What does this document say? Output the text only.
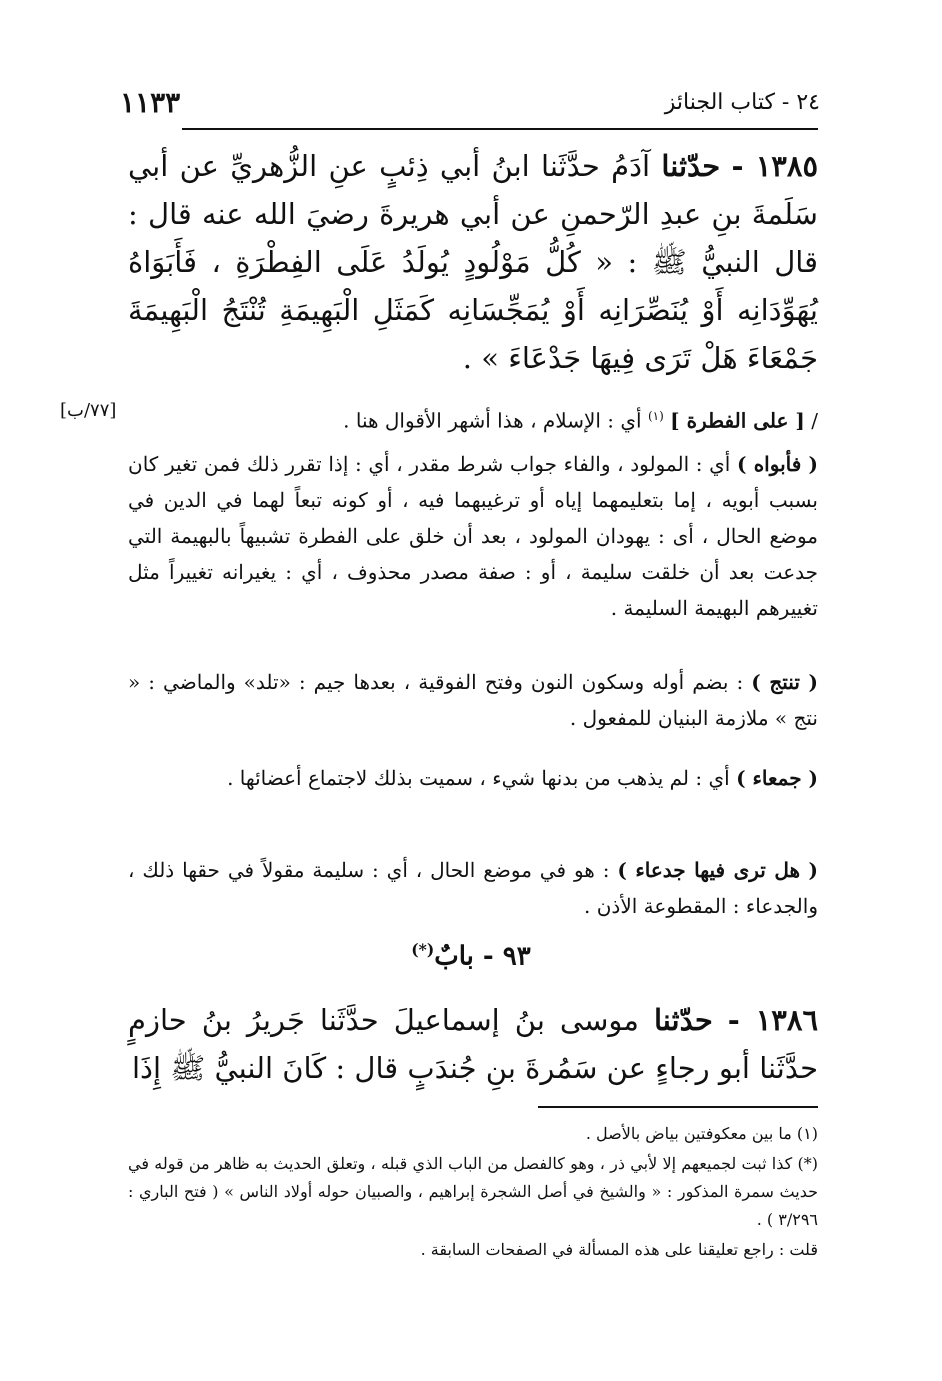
٢٤ - كتاب الجنائز
١١٣٣
١٣٨٥ - حدّثنا آدَمُ حدَّثَنا ابنُ أبي ذِئبٍ عنِ الزُّهريِّ عن أبي سَلَمةَ بنِ عبدِ الرّحمنِ عن أبي هريرةَ رضيَ الله عنه قال : قال النبيُّ ﷺ : « كُلُّ مَوْلُودٍ يُولَدُ عَلَى الفِطْرَةِ ، فَأَبَوَاهُ يُهَوِّدَانِه أَوْ يُنَصِّرَانِه أَوْ يُمَجِّسَانِه كَمَثَلِ الْبَهِيمَةِ تُنْتَجُ الْبَهِيمَةَ جَمْعَاءَ هَلْ تَرَى فِيهَا جَدْعَاءَ » .
/ [ على الفطرة ] $^{(١)}$ أي : الإسلام ، هذا أشهر الأقوال هنا .
[٧٧/ب]
( فأبواه ) أي : المولود ، والفاء جواب شرط مقدر ، أي : إذا تقرر ذلك فمن تغير كان بسبب أبويه ، إما بتعليمهما إياه أو ترغيبهما فيه ، أو كونه تبعاً لهما في الدين في موضع الحال ، أى : يهودان المولود ، بعد أن خلق على الفطرة تشبيهاً بالبهيمة التي جدعت بعد أن خلقت سليمة ، أو : صفة مصدر محذوف ، أي : يغيرانه تغييراً مثل تغييرهم البهيمة السليمة .
( تنتج ) : بضم أوله وسكون النون وفتح الفوقية ، بعدها جيم : «تلد» والماضي : « نتج » ملازمة البنيان للمفعول .
( جمعاء ) أي : لم يذهب من بدنها شيء ، سميت بذلك لاجتماع أعضائها .
( هل ترى فيها جدعاء ) : هو في موضع الحال ، أي : سليمة مقولاً في حقها ذلك ، والجدعاء : المقطوعة الأذن .
٩٣ - بابٌ(*)
١٣٨٦ - حدّثنا موسى بنُ إسماعيلَ حدَّثَنا جَريرُ بنُ حازمٍ حدَّثَنا أبو رجاءٍ عن سَمُرةَ بنِ جُندَبٍ قال : كَانَ النبيُّ ﷺ إِذَا

(١) ما بين معكوفتين بياض بالأصل .

(*) كذا ثبت لجميعهم إلا لأبي ذر ، وهو كالفصل من الباب الذي قبله ، وتعلق الحديث به ظاهر من قوله في حديث سمرة المذكور : « والشيخ في أصل الشجرة إبراهيم ، والصبيان حوله أولاد الناس » ( فتح الباري : ٣/٢٩٦ ) .

قلت : راجع تعليقنا على هذه المسألة في الصفحات السابقة .
